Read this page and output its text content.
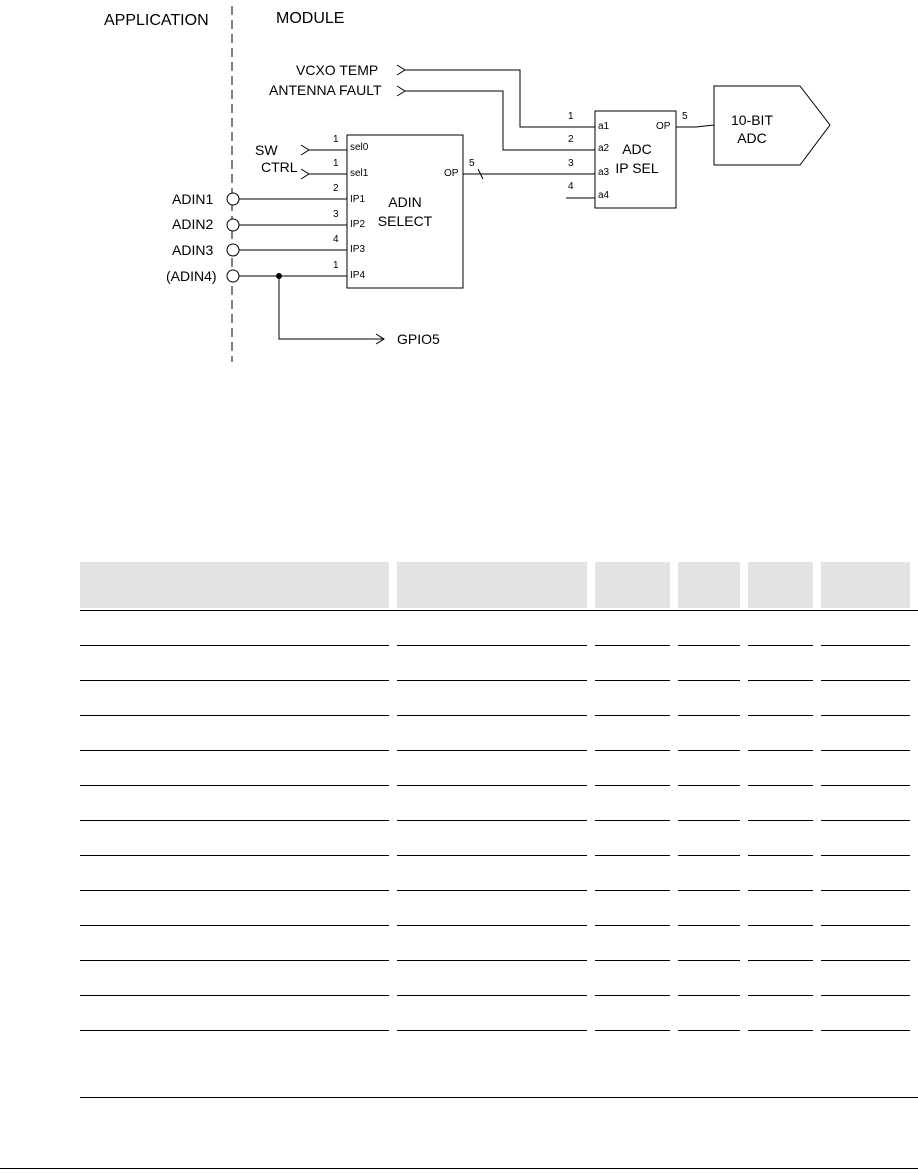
APPLICATION	MODULE
ADIN
SELECT
sel0
sel1
IP1
IP2
IP3
IP4
OP
ADC
IP SEL
a1
a2
a3
a4
OP	10-BIT
ADC
VCXO TEMP
ANTENNA FAULT
SW
CTRL
ADIN1
ADIN2
ADIN3
(ADIN4)
GPIO5
1
1
2
3
4
1
5
1
2
3
4
5
